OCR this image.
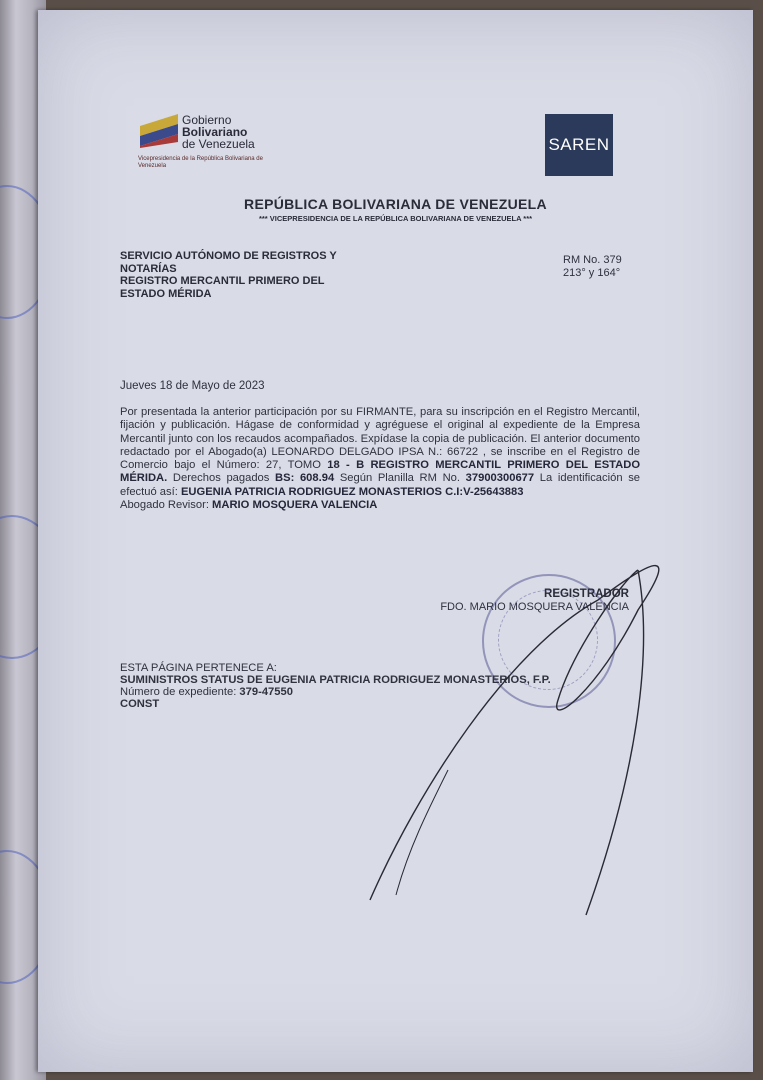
Gobierno
Bolivariano
de Venezuela
Vicepresidencia de la República Bolivariana de Venezuela
SAREN
REPÚBLICA BOLIVARIANA DE VENEZUELA
*** VICEPRESIDENCIA DE LA REPÚBLICA BOLIVARIANA DE VENEZUELA ***
SERVICIO AUTÓNOMO DE REGISTROS Y
NOTARÍAS
REGISTRO MERCANTIL PRIMERO DEL
ESTADO MÉRIDA
RM No. 379
213° y 164°
Jueves 18 de Mayo de 2023
Por presentada la anterior participación por su FIRMANTE, para su inscripción en el Registro Mercantil, fijación y publicación. Hágase de conformidad y agréguese el original al expediente de la Empresa Mercantil junto con los recaudos acompañados. Expídase la copia de publicación. El anterior documento redactado por el Abogado(a) LEONARDO DELGADO IPSA N.: 66722 , se inscribe en el Registro de Comercio bajo el Número: 27, TOMO 18 - B REGISTRO MERCANTIL PRIMERO DEL ESTADO MÉRIDA. Derechos pagados BS: 608.94 Según Planilla RM No. 37900300677 La identificación se efectuó así: EUGENIA PATRICIA RODRIGUEZ MONASTERIOS C.I:V-25643883
Abogado Revisor: MARIO MOSQUERA VALENCIA
REGISTRADOR
FDO. MARIO MOSQUERA VALENCIA
ESTA PÁGINA PERTENECE A:
SUMINISTROS STATUS DE EUGENIA PATRICIA RODRIGUEZ MONASTERIOS, F.P.
Número de expediente: 379-47550
CONST
